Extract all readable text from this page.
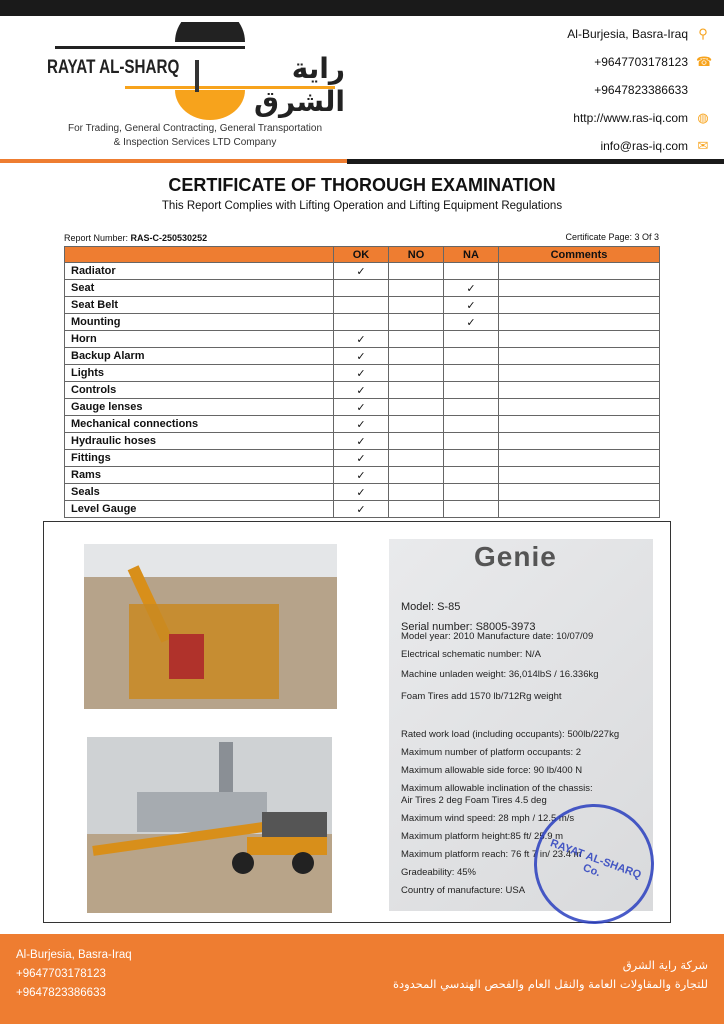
RAYAT AL-SHARQ	راية الشرق
For Trading, General Contracting, General Transportation
& Inspection Services LTD Company
Al-Burjesia, Basra-Iraq ⚲
+9647703178123 ☎
+9647823386633
http://www.ras-iq.com ◍
info@ras-iq.com ✉
CERTIFICATE OF THOROUGH EXAMINATION
This Report Complies with Lifting Operation and Lifting Equipment Regulations
Report Number: RAS-C-250530252	Certificate Page: 3 Of 3
	OK	NO	NA	Comments
Radiator	✓			
Seat			✓	
Seat Belt			✓	
Mounting			✓	
Horn	✓			
Backup Alarm	✓			
Lights	✓			
Controls	✓			
Gauge lenses	✓			
Mechanical connections	✓			
Hydraulic hoses	✓			
Fittings	✓			
Rams	✓			
Seals	✓			
Level Gauge	✓			
Genie
Model: S-85
Serial number: S8005-3973
Model year: 2010 Manufacture date: 10/07/09
Electrical schematic number: N/A
Machine unladen weight: 36,014lbS / 16.336kg
Foam Tires add 1570 lb/712Rg weight
Rated work load (including occupants): 500lb/227kg
Maximum number of platform occupants: 2
Maximum allowable side force: 90 lb/400 N
Maximum allowable inclination of the chassis:
Air Tires 2 deg Foam Tires 4.5 deg
Maximum wind speed: 28 mph / 12.5 m/s
Maximum platform height:85 ft/ 25.9 m
Maximum platform reach: 76 ft 7 in/ 23.4 m
Gradeability: 45%
Country of manufacture: USA
RAYAT AL-SHARQ Co.
Al-Burjesia, Basra-Iraq
+9647703178123
+9647823386633
شركة راية الشرق
للتجارة والمقاولات العامة والنقل العام والفحص الهندسي المحدودة
